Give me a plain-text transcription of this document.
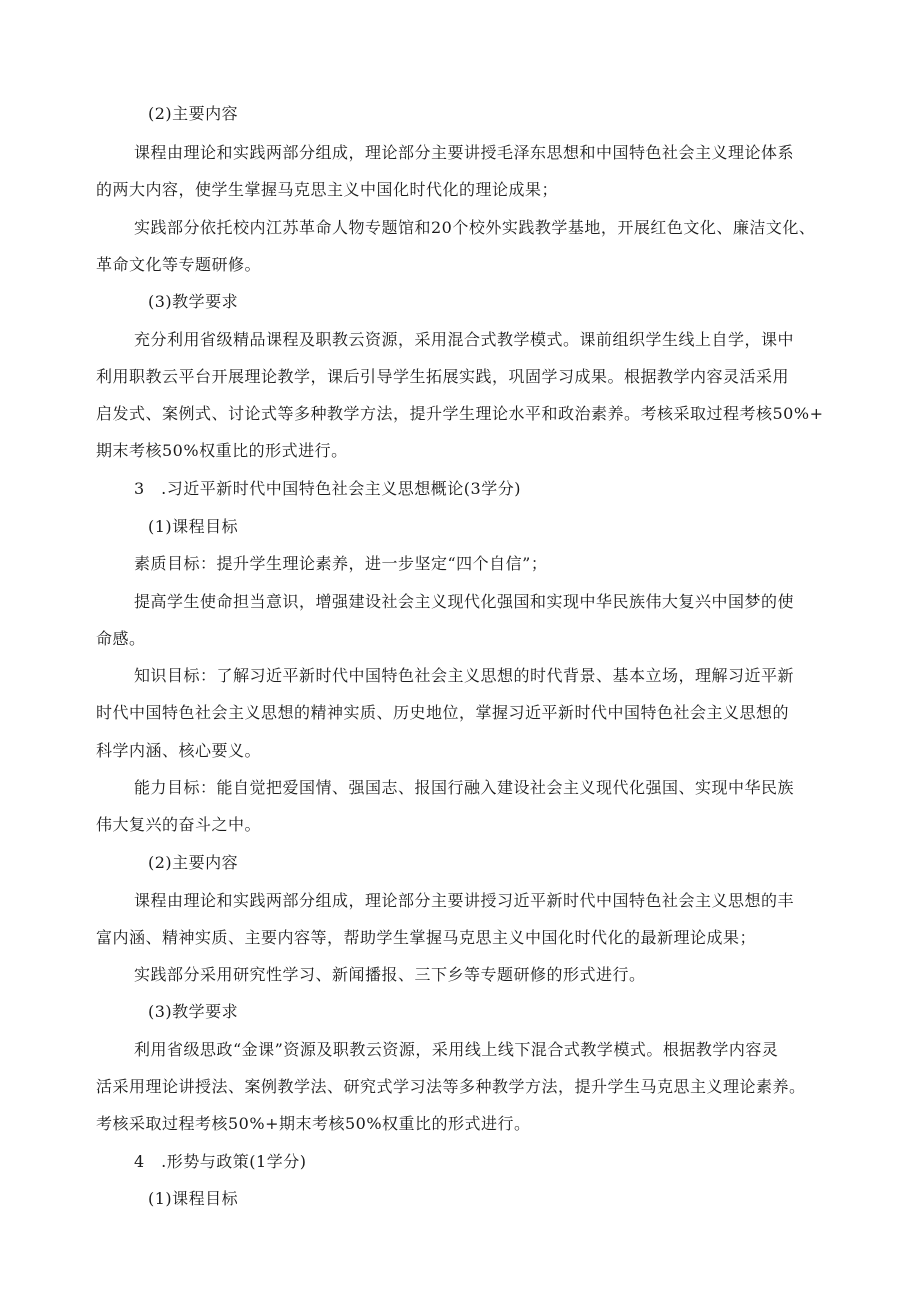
(2)主要内容
课程由理论和实践两部分组成，理论部分主要讲授毛泽东思想和中国特色社会主义理论体系
的两大内容，使学生掌握马克思主义中国化时代化的理论成果；
实践部分依托校内江苏革命人物专题馆和20个校外实践教学基地，开展红色文化、廉洁文化、
革命文化等专题研修。
(3)教学要求
充分利用省级精品课程及职教云资源，采用混合式教学模式。课前组织学生线上自学，课中
利用职教云平台开展理论教学，课后引导学生拓展实践，巩固学习成果。根据教学内容灵活采用
启发式、案例式、讨论式等多种教学方法，提升学生理论水平和政治素养。考核采取过程考核50%+
期末考核50%权重比的形式进行。
3　.习近平新时代中国特色社会主义思想概论(3学分)
(1)课程目标
素质目标：提升学生理论素养，进一步坚定“四个自信”；
提高学生使命担当意识，增强建设社会主义现代化强国和实现中华民族伟大复兴中国梦的使
命感。
知识目标：了解习近平新时代中国特色社会主义思想的时代背景、基本立场，理解习近平新
时代中国特色社会主义思想的精神实质、历史地位，掌握习近平新时代中国特色社会主义思想的
科学内涵、核心要义。
能力目标：能自觉把爱国情、强国志、报国行融入建设社会主义现代化强国、实现中华民族
伟大复兴的奋斗之中。
(2)主要内容
课程由理论和实践两部分组成，理论部分主要讲授习近平新时代中国特色社会主义思想的丰
富内涵、精神实质、主要内容等，帮助学生掌握马克思主义中国化时代化的最新理论成果；
实践部分采用研究性学习、新闻播报、三下乡等专题研修的形式进行。
(3)教学要求
利用省级思政“金课”资源及职教云资源，采用线上线下混合式教学模式。根据教学内容灵
活采用理论讲授法、案例教学法、研究式学习法等多种教学方法，提升学生马克思主义理论素养。
考核采取过程考核50%+期末考核50%权重比的形式进行。
4　.形势与政策(1学分)
(1)课程目标
